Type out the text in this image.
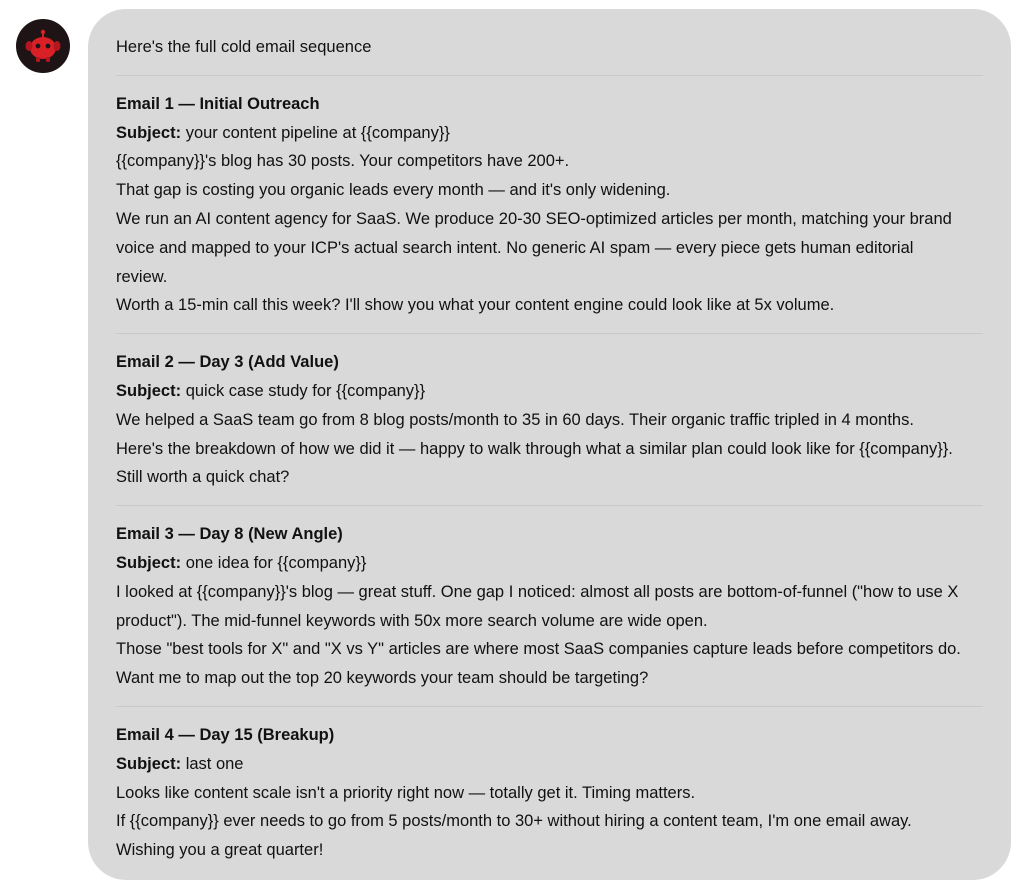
Here's the full cold email sequence

Email 1 — Initial Outreach

Subject: your content pipeline at {{company}}

{{company}}'s blog has 30 posts. Your competitors have 200+.

That gap is costing you organic leads every month — and it's only widening.

We run an AI content agency for SaaS. We produce 20-30 SEO-optimized articles per month, matching your brand

voice and mapped to your ICP's actual search intent. No generic AI spam — every piece gets human editorial

review.

Worth a 15-min call this week? I'll show you what your content engine could look like at 5x volume.

Email 2 — Day 3 (Add Value)

Subject: quick case study for {{company}}

We helped a SaaS team go from 8 blog posts/month to 35 in 60 days. Their organic traffic tripled in 4 months.

Here's the breakdown of how we did it — happy to walk through what a similar plan could look like for {{company}}.

Still worth a quick chat?

Email 3 — Day 8 (New Angle)

Subject: one idea for {{company}}

I looked at {{company}}'s blog — great stuff. One gap I noticed: almost all posts are bottom-of-funnel ("how to use X

product"). The mid-funnel keywords with 50x more search volume are wide open.

Those "best tools for X" and "X vs Y" articles are where most SaaS companies capture leads before competitors do.

Want me to map out the top 20 keywords your team should be targeting?

Email 4 — Day 15 (Breakup)

Subject: last one

Looks like content scale isn't a priority right now — totally get it. Timing matters.

If {{company}} ever needs to go from 5 posts/month to 30+ without hiring a content team, I'm one email away.

Wishing you a great quarter!
